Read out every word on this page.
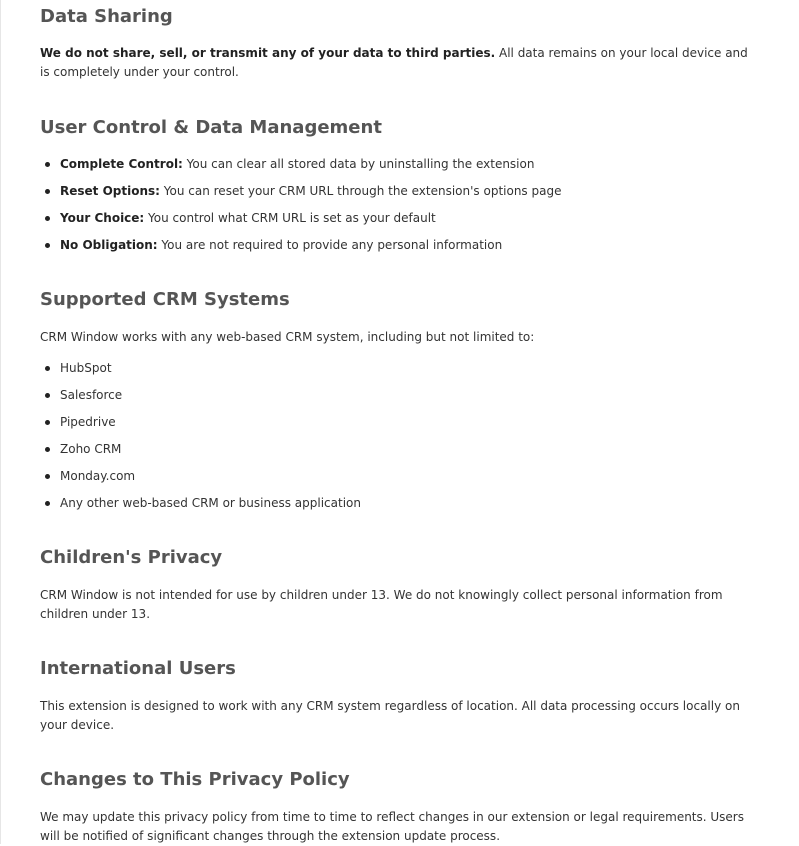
Data Sharing

We do not share, sell, or transmit any of your data to third parties. All data remains on your local device and is completely under your control.

User Control & Data Management
Complete Control: You can clear all stored data by uninstalling the extension
Reset Options: You can reset your CRM URL through the extension's options page
Your Choice: You control what CRM URL is set as your default
No Obligation: You are not required to provide any personal information
Supported CRM Systems

CRM Window works with any web-based CRM system, including but not limited to:

HubSpot
Salesforce
Pipedrive
Zoho CRM
Monday.com
Any other web-based CRM or business application
Children's Privacy

CRM Window is not intended for use by children under 13. We do not knowingly collect personal information from children under 13.

International Users

This extension is designed to work with any CRM system regardless of location. All data processing occurs locally on your device.

Changes to This Privacy Policy

We may update this privacy policy from time to time to reflect changes in our extension or legal requirements. Users will be notified of significant changes through the extension update process.
